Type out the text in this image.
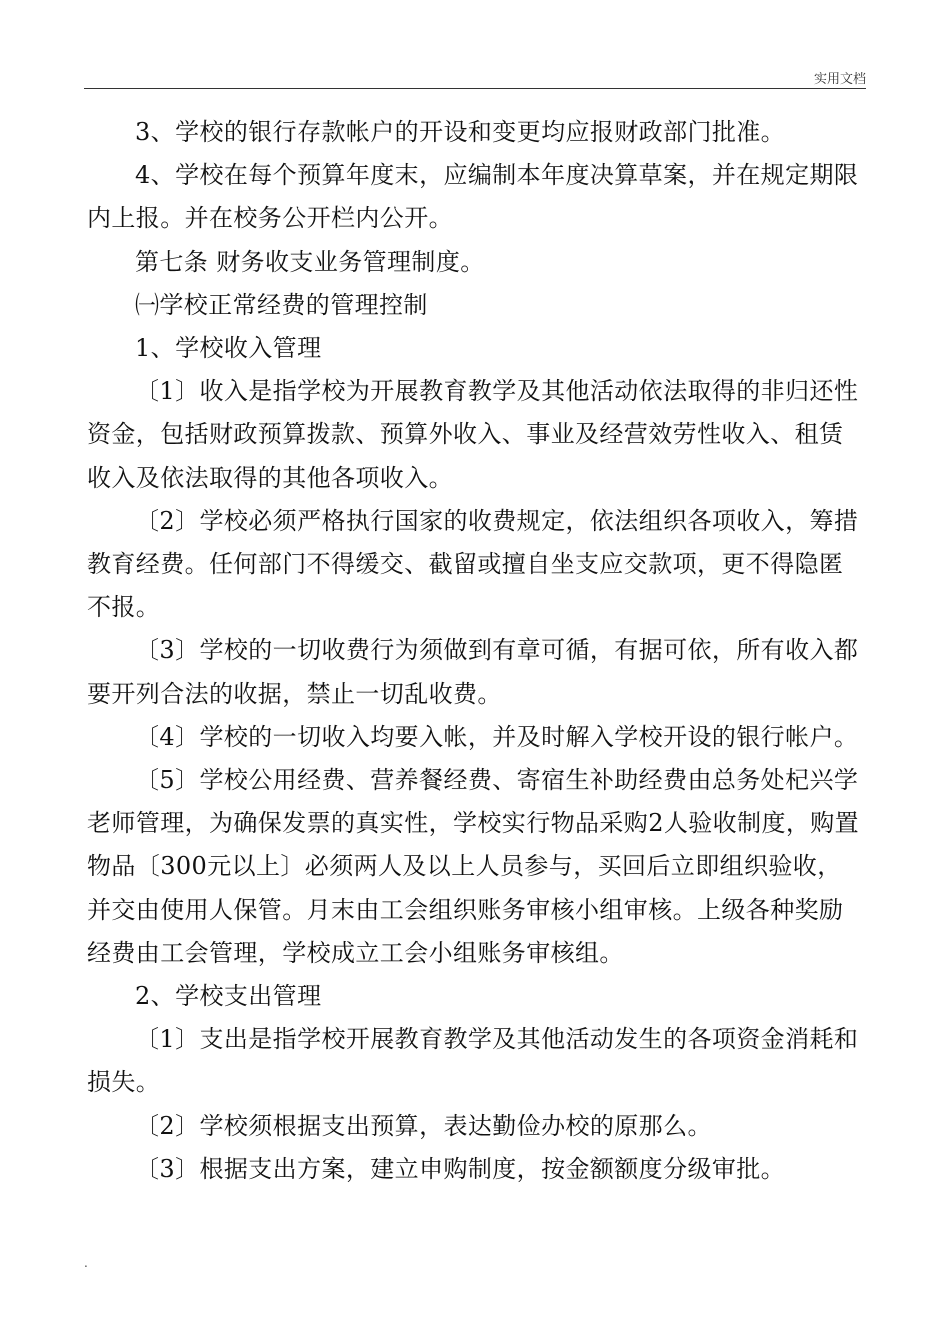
实用文档

3、学校的银行存款帐户的开设和变更均应报财政部门批准。

4、学校在每个预算年度末，应编制本年度决算草案，并在规定期限内上报。并在校务公开栏内公开。

第七条 财务收支业务管理制度。

㈠学校正常经费的管理控制

1、学校收入管理

〔1〕收入是指学校为开展教育教学及其他活动依法取得的非归还性资金，包括财政预算拨款、预算外收入、事业及经营效劳性收入、租赁收入及依法取得的其他各项收入。

〔2〕学校必须严格执行国家的收费规定，依法组织各项收入，筹措教育经费。任何部门不得缓交、截留或擅自坐支应交款项，更不得隐匿不报。

〔3〕学校的一切收费行为须做到有章可循，有据可依，所有收入都要开列合法的收据，禁止一切乱收费。

〔4〕学校的一切收入均要入帐，并及时解入学校开设的银行帐户。

〔5〕学校公用经费、营养餐经费、寄宿生补助经费由总务处杞兴学老师管理，为确保发票的真实性，学校实行物品采购2人验收制度，购置物品〔300元以上〕必须两人及以上人员参与，买回后立即组织验收，并交由使用人保管。月末由工会组织账务审核小组审核。上级各种奖励经费由工会管理，学校成立工会小组账务审核组。

2、学校支出管理

〔1〕支出是指学校开展教育教学及其他活动发生的各项资金消耗和损失。

〔2〕学校须根据支出预算，表达勤俭办校的原那么。

〔3〕根据支出方案，建立申购制度，按金额额度分级审批。

.
